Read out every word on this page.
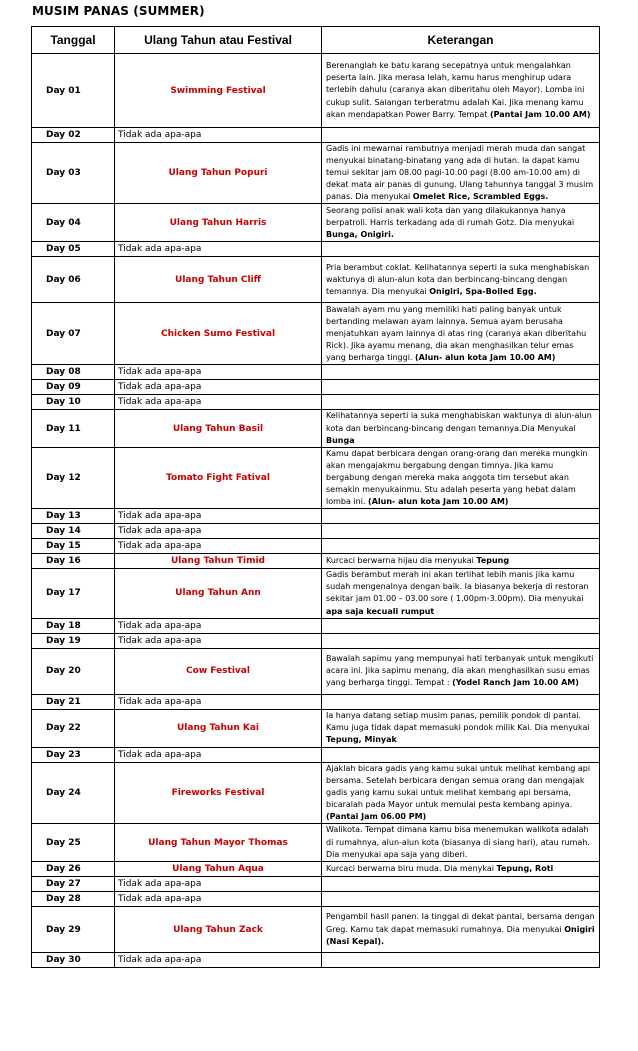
MUSIM PANAS (SUMMER)
Tanggal	Ulang Tahun atau Festival	Keterangan
Day 01	Swimming Festival	Berenanglah ke batu karang secepatnya untuk mengalahkan peserta lain. Jika merasa lelah, kamu harus menghirup udara terlebih dahulu (caranya akan diberitahu oleh Mayor). Lomba ini cukup sulit. Saiangan terberatmu adalah Kai. Jika menang kamu akan mendapatkan Power Barry. Tempat (Pantai Jam 10.00 AM)
Day 02	Tidak ada apa-apa	
Day 03	Ulang Tahun Popuri	Gadis ini mewarnai rambutnya menjadi merah muda dan sangat menyukai binatang-binatang yang ada di hutan. Ia dapat kamu temui sekitar jam 08.00 pagi-10.00 pagi (8.00 am-10.00 am) di dekat mata air panas di gunung. Ulang tahunnya tanggal 3 musim panas. Dia menyukai Omelet Rice, Scrambled Eggs.
Day 04	Ulang Tahun Harris	Seorang polisi anak wali kota dan yang dilakukannya hanya berpatroli. Harris terkadang ada di rumah Gotz. Dia menyukai Bunga, Onigiri.
Day 05	Tidak ada apa-apa	
Day 06	Ulang Tahun Cliff	Pria berambut coklat. Kelihatannya seperti ia suka menghabiskan waktunya di alun-alun kota dan berbincang-bincang dengan temannya. Dia menyukai Onigiri, Spa-Boiled Egg.
Day 07	Chicken Sumo Festival	Bawalah ayam mu yang memiliki hati paling banyak untuk bertanding melawan ayam lainnya. Semua ayam berusaha menjatuhkan ayam lainnya di atas ring (caranya akan diberitahu Rick). Jika ayamu menang, dia akan menghasilkan telur emas yang berharga tinggi. (Alun- alun kota Jam 10.00 AM)
Day 08	Tidak ada apa-apa	
Day 09	Tidak ada apa-apa	
Day 10	Tidak ada apa-apa	
Day 11	Ulang Tahun Basil	Kelihatannya seperti ia suka menghabiskan waktunya di alun-alun kota dan berbincang-bincang dengan temannya.Dia Menyukai Bunga
Day 12	Tomato Fight Fatival	Kamu dapat berbicara dengan orang-orang dan mereka mungkin akan mengajakmu bergabung dengan timnya. Jika kamu bergabung dengan mereka maka anggota tim tersebut akan semakin menyukainmu. Stu adalah peserta yang hebat dalam lomba ini. (Alun- alun kota Jam 10.00 AM)
Day 13	Tidak ada apa-apa	
Day 14	Tidak ada apa-apa	
Day 15	Tidak ada apa-apa	
Day 16	Ulang Tahun Timid	Kurcaci berwarna hijau dia menyukai Tepung
Day 17	Ulang Tahun Ann	Gadis berambut merah ini akan terlihat lebih manis jika kamu sudah mengenalnya dengan baik. Ia biasanya bekerja di restoran sekitar jam 01.00 – 03.00 sore ( 1.00pm-3.00pm). Dia menyukai apa saja kecuali rumput
Day 18	Tidak ada apa-apa	
Day 19	Tidak ada apa-apa	
Day 20	Cow Festival	Bawalah sapimu yang mempunyai hati terbanyak untuk mengikuti acara ini. Jika sapimu menang, dia akan menghasilkan susu emas yang berharga tinggi. Tempat : (Yodel Ranch Jam 10.00 AM)
Day 21	Tidak ada apa-apa	
Day 22	Ulang Tahun Kai	Ia hanya datang setiap musim panas, pemilik pondok di pantai. Kamu juga tidak dapat memasuki pondok milik Kai. Dia menyukai Tepung, Minyak
Day 23	Tidak ada apa-apa	
Day 24	Fireworks Festival	Ajaklah bicara gadis yang kamu sukai untuk melihat kembang api bersama. Setelah berbicara dengan semua orang dan mengajak gadis yang kamu sukai untuk melihat kembang api bersama, bicaralah pada Mayor untuk memulai pesta kembang apinya. (Pantai Jam 06.00 PM)
Day 25	Ulang Tahun Mayor Thomas	Walikota. Tempat dimana kamu bisa menemukan walikota adalah di rumahnya, alun-alun kota (biasanya di siang hari), atau rumah. Dia menyukai apa saja yang diberi.
Day 26	Ulang Tahun Aqua	Kurcaci berwarna biru muda. Dia menykai Tepung, Roti
Day 27	Tidak ada apa-apa	
Day 28	Tidak ada apa-apa	
Day 29	Ulang Tahun Zack	Pengambil hasil panen. Ia tinggal di dekat pantai, bersama dengan Greg. Kamu tak dapat memasuki rumahnya. Dia menyukai Onigiri (Nasi Kepal).
Day 30	Tidak ada apa-apa	
